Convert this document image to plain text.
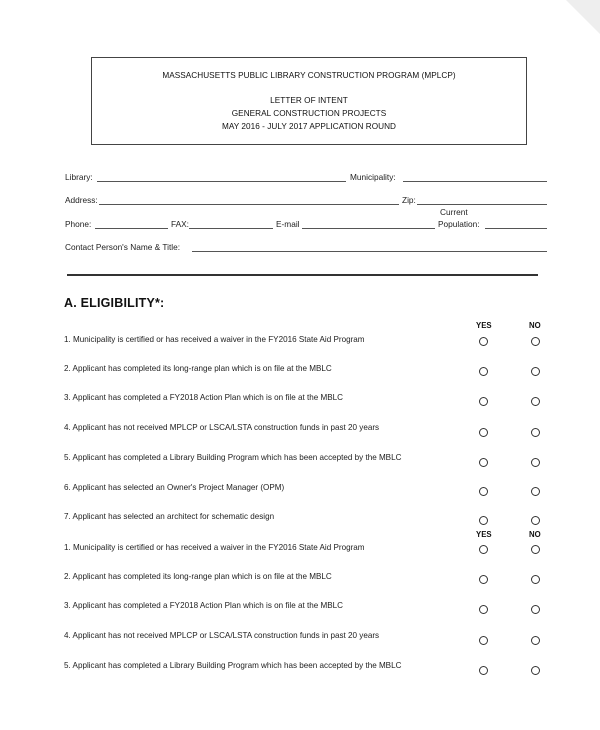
MASSACHUSETTS PUBLIC LIBRARY CONSTRUCTION PROGRAM (MPLCP)
LETTER OF INTENT
GENERAL CONSTRUCTION PROJECTS
MAY 2016 - JULY 2017 APPLICATION ROUND
Library:	Municipality:
Address:	Zip:
Current
Phone:	FAX:	E-mail	Population:
Contact Person's Name & Title:
A. ELIGIBILITY*:
YES	NO
1. Municipality is certified or has received a waiver in the FY2016 State Aid Program
2. Applicant has completed its long-range plan which is on file at the MBLC
3. Applicant has completed a FY2018 Action Plan which is on file at the MBLC
4. Applicant has not received MPLCP or LSCA/LSTA construction funds in past 20 years
5. Applicant has completed a Library Building Program which has been accepted by the MBLC
6. Applicant has selected an Owner's Project Manager (OPM)
7. Applicant has selected an architect for schematic design
YES	NO
1. Municipality is certified or has received a waiver in the FY2016 State Aid Program
2. Applicant has completed its long-range plan which is on file at the MBLC
3. Applicant has completed a FY2018 Action Plan which is on file at the MBLC
4. Applicant has not received MPLCP or LSCA/LSTA construction funds in past 20 years
5. Applicant has completed a Library Building Program which has been accepted by the MBLC
